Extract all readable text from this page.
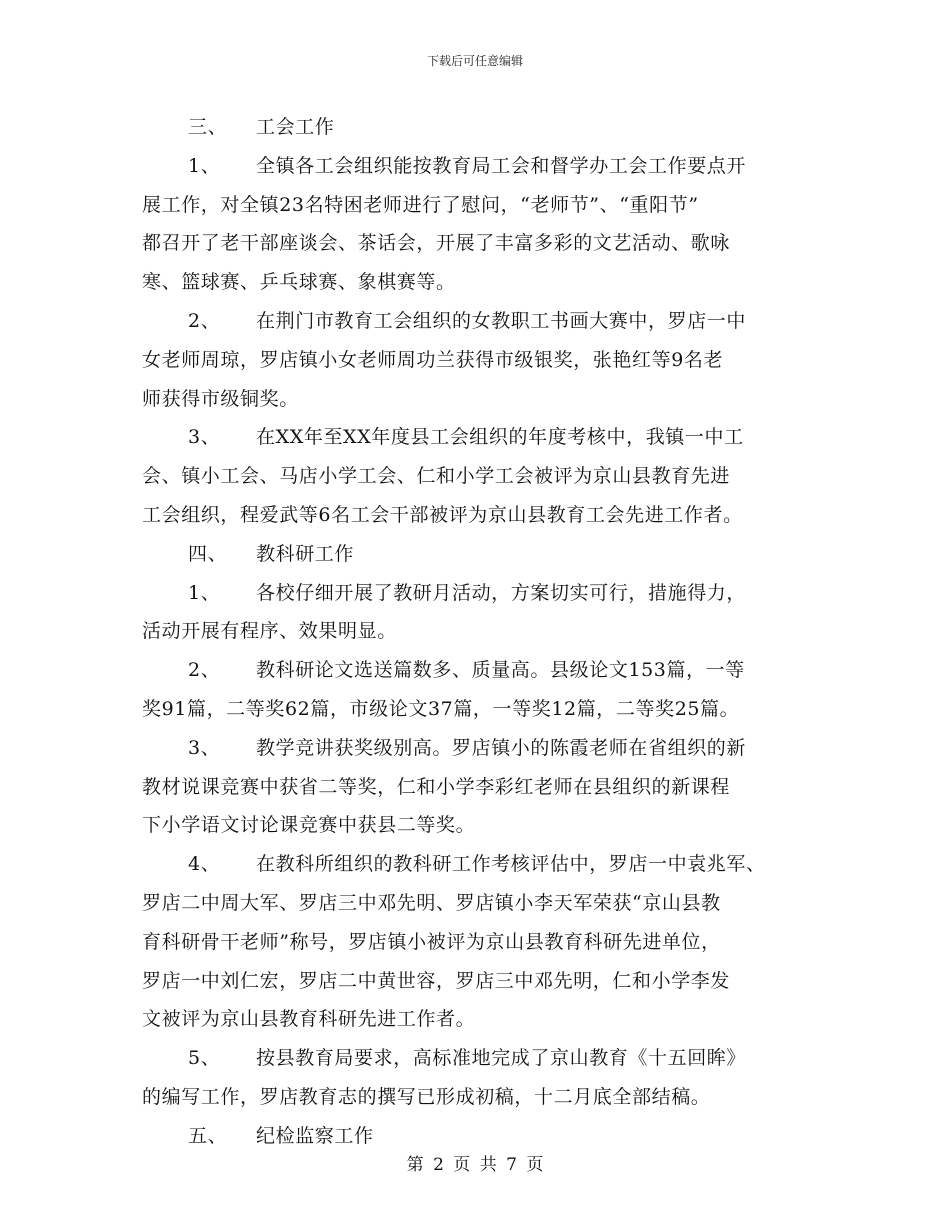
下载后可任意编辑
三、 工会工作
1、 全镇各工会组织能按教育局工会和督学办工会工作要点开
展工作，对全镇23名特困老师进行了慰问，“老师节”、“重阳节”
都召开了老干部座谈会、茶话会，开展了丰富多彩的文艺活动、歌咏
寒、篮球赛、乒乓球赛、象棋赛等。
2、 在荆门市教育工会组织的女教职工书画大赛中，罗店一中
女老师周琼，罗店镇小女老师周功兰获得市级银奖，张艳红等9名老
师获得市级铜奖。
3、 在XX年至XX年度县工会组织的年度考核中，我镇一中工
会、镇小工会、马店小学工会、仁和小学工会被评为京山县教育先进
工会组织，程爱武等6名工会干部被评为京山县教育工会先进工作者。
四、 教科研工作
1、 各校仔细开展了教研月活动，方案切实可行，措施得力，
活动开展有程序、效果明显。
2、 教科研论文选送篇数多、质量高。县级论文153篇，一等
奖91篇，二等奖62篇，市级论文37篇，一等奖12篇，二等奖25篇。
3、 教学竞讲获奖级别高。罗店镇小的陈霞老师在省组织的新
教材说课竞赛中获省二等奖，仁和小学李彩红老师在县组织的新课程
下小学语文讨论课竞赛中获县二等奖。
4、 在教科所组织的教科研工作考核评估中，罗店一中袁兆军、
罗店二中周大军、罗店三中邓先明、罗店镇小李天军荣获“京山县教
育科研骨干老师”称号，罗店镇小被评为京山县教育科研先进单位，
罗店一中刘仁宏，罗店二中黄世容，罗店三中邓先明，仁和小学李发
文被评为京山县教育科研先进工作者。
5、 按县教育局要求，高标准地完成了京山教育《十五回眸》
的编写工作，罗店教育志的撰写已形成初稿，十二月底全部结稿。
五、 纪检监察工作
第 2 页 共 7 页
